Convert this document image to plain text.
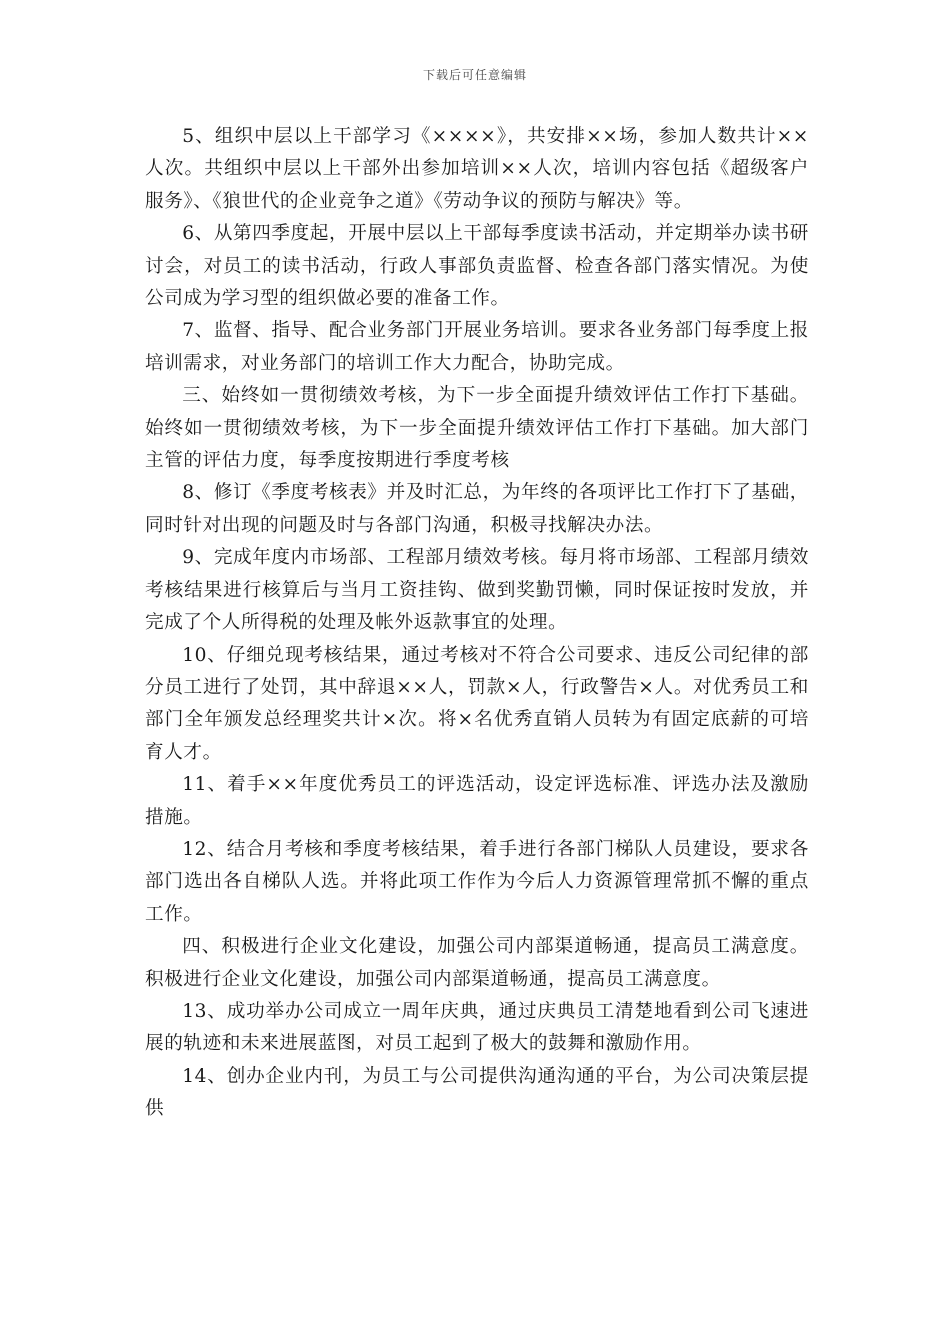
下载后可任意编辑

5、组织中层以上干部学习《××××》，共安排××场，参加人数共计××人次。共组织中层以上干部外出参加培训××人次，培训内容包括《超级客户服务》、《狼世代的企业竞争之道》《劳动争议的预防与解决》等。

6、从第四季度起，开展中层以上干部每季度读书活动，并定期举办读书研讨会，对员工的读书活动，行政人事部负责监督、检查各部门落实情况。为使公司成为学习型的组织做必要的准备工作。

7、监督、指导、配合业务部门开展业务培训。要求各业务部门每季度上报培训需求，对业务部门的培训工作大力配合，协助完成。

三、始终如一贯彻绩效考核，为下一步全面提升绩效评估工作打下基础。始终如一贯彻绩效考核，为下一步全面提升绩效评估工作打下基础。加大部门主管的评估力度，每季度按期进行季度考核

8、修订《季度考核表》并及时汇总，为年终的各项评比工作打下了基础，同时针对出现的问题及时与各部门沟通，积极寻找解决办法。

9、完成年度内市场部、工程部月绩效考核。每月将市场部、工程部月绩效考核结果进行核算后与当月工资挂钩、做到奖勤罚懒，同时保证按时发放，并完成了个人所得税的处理及帐外返款事宜的处理。

10、仔细兑现考核结果，通过考核对不符合公司要求、违反公司纪律的部分员工进行了处罚，其中辞退××人，罚款×人，行政警告×人。对优秀员工和部门全年颁发总经理奖共计×次。将×名优秀直销人员转为有固定底薪的可培育人才。

11、着手××年度优秀员工的评选活动，设定评选标准、评选办法及激励措施。

12、结合月考核和季度考核结果，着手进行各部门梯队人员建设，要求各部门选出各自梯队人选。并将此项工作作为今后人力资源管理常抓不懈的重点工作。

四、积极进行企业文化建设，加强公司内部渠道畅通，提高员工满意度。积极进行企业文化建设，加强公司内部渠道畅通，提高员工满意度。

13、成功举办公司成立一周年庆典，通过庆典员工清楚地看到公司飞速进展的轨迹和未来进展蓝图，对员工起到了极大的鼓舞和激励作用。

14、创办企业内刊，为员工与公司提供沟通沟通的平台，为公司决策层提供
